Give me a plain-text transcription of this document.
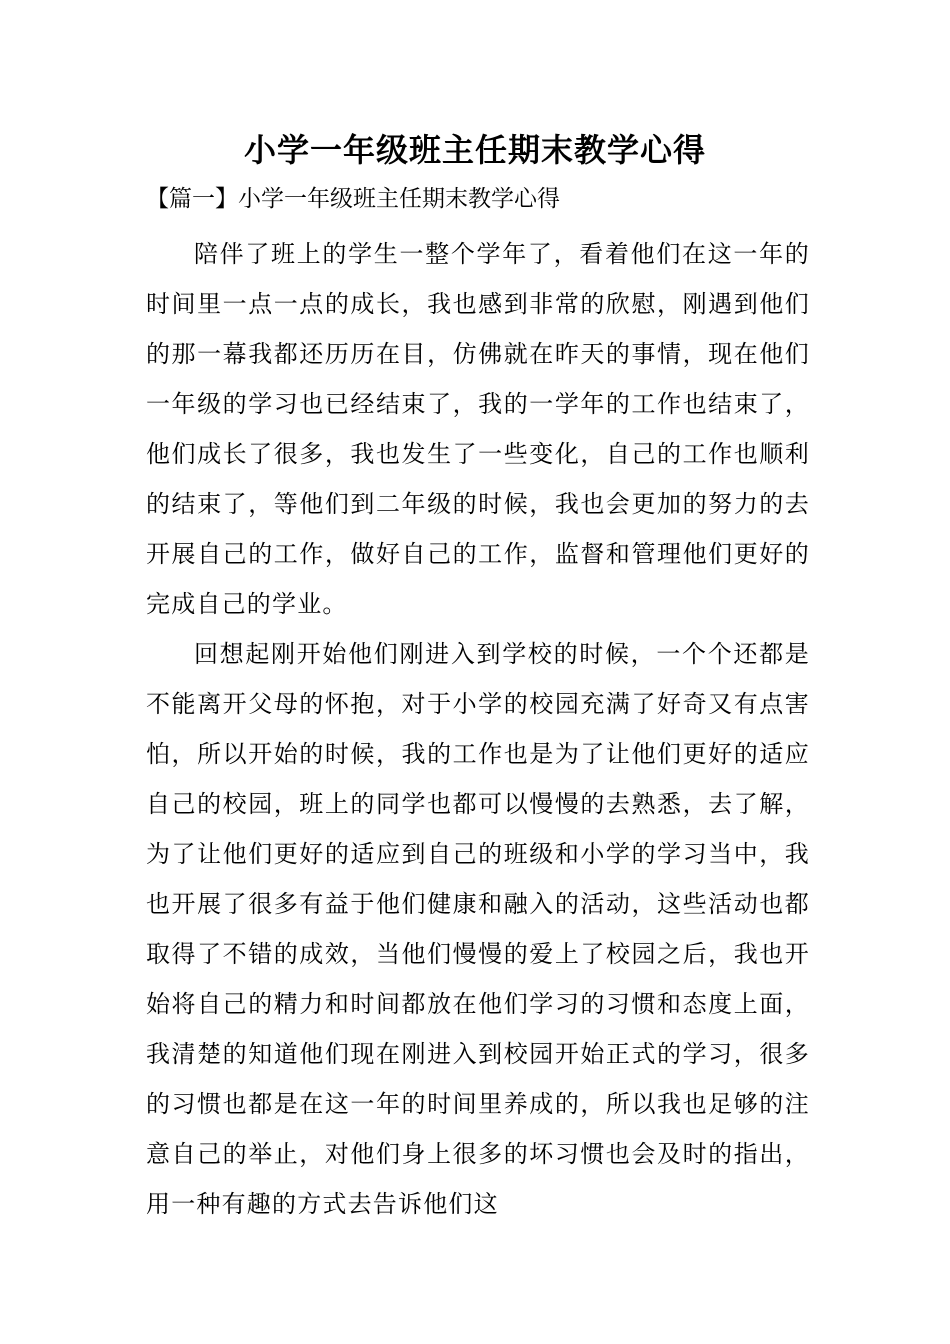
小学一年级班主任期末教学心得
【篇一】小学一年级班主任期末教学心得

陪伴了班上的学生一整个学年了，看着他们在这一年的时间里一点一点的成长，我也感到非常的欣慰，刚遇到他们的那一幕我都还历历在目，仿佛就在昨天的事情，现在他们一年级的学习也已经结束了，我的一学年的工作也结束了，他们成长了很多，我也发生了一些变化，自己的工作也顺利的结束了，等他们到二年级的时候，我也会更加的努力的去开展自己的工作，做好自己的工作，监督和管理他们更好的完成自己的学业。

回想起刚开始他们刚进入到学校的时候，一个个还都是不能离开父母的怀抱，对于小学的校园充满了好奇又有点害怕，所以开始的时候，我的工作也是为了让他们更好的适应自己的校园，班上的同学也都可以慢慢的去熟悉，去了解，为了让他们更好的适应到自己的班级和小学的学习当中，我也开展了很多有益于他们健康和融入的活动，这些活动也都取得了不错的成效，当他们慢慢的爱上了校园之后，我也开始将自己的精力和时间都放在他们学习的习惯和态度上面，我清楚的知道他们现在刚进入到校园开始正式的学习，很多的习惯也都是在这一年的时间里养成的，所以我也足够的注意自己的举止，对他们身上很多的坏习惯也会及时的指出，用一种有趣的方式去告诉他们这
